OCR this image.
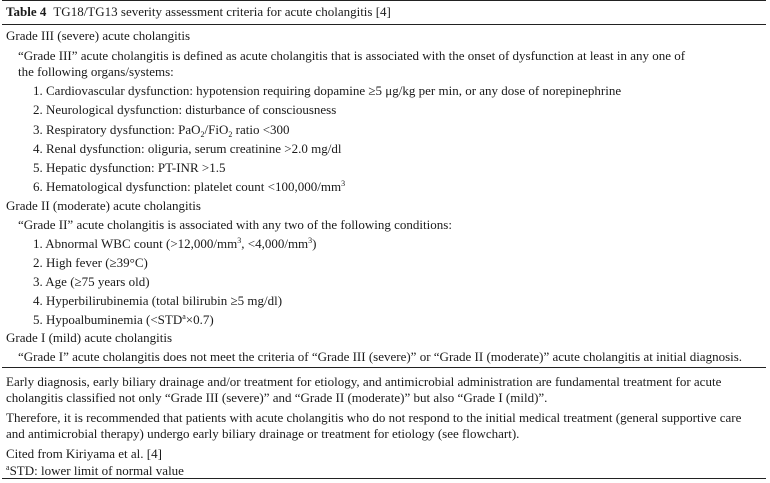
Table 4 TG18/TG13 severity assessment criteria for acute cholangitis [4]
Grade III (severe) acute cholangitis
“Grade III” acute cholangitis is defined as acute cholangitis that is associated with the onset of dysfunction at least in any one of
the following organs/systems:
1. Cardiovascular dysfunction: hypotension requiring dopamine ≥5 μg/kg per min, or any dose of norepinephrine
2. Neurological dysfunction: disturbance of consciousness
3. Respiratory dysfunction: PaO$_2$/FiO$_2$ ratio <300
4. Renal dysfunction: oliguria, serum creatinine >2.0 mg/dl
5. Hepatic dysfunction: PT-INR >1.5
6. Hematological dysfunction: platelet count $<100,000/mm^3$
Grade II (moderate) acute cholangitis
“Grade II” acute cholangitis is associated with any two of the following conditions:
1. Abnormal WBC count ($>12,000/mm^3$, $<4,000/mm^3$)
2. High fever (≥39°C)
3. Age (≥75 years old)
4. Hyperbilirubinemia (total bilirubin ≥5 mg/dl)
5. Hypoalbuminemia $(<STD^a\times 0.7)$
Grade I (mild) acute cholangitis
“Grade I” acute cholangitis does not meet the criteria of “Grade III (severe)” or “Grade II (moderate)” acute cholangitis at initial diagnosis.
Early diagnosis, early biliary drainage and/or treatment for etiology, and antimicrobial administration are fundamental treatment for acute
cholangitis classified not only “Grade III (severe)” and “Grade II (moderate)” but also “Grade I (mild)”.
Therefore, it is recommended that patients with acute cholangitis who do not respond to the initial medical treatment (general supportive care
and antimicrobial therapy) undergo early biliary drainage or treatment for etiology (see flowchart).
Cited from Kiriyama et al. [4]
$^a$STD: lower limit of normal value
